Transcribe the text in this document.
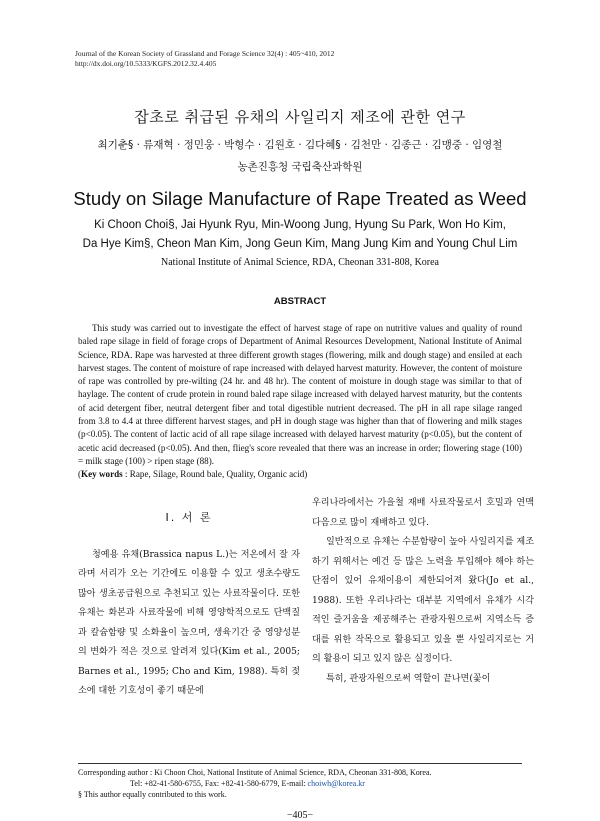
Journal of the Korean Society of Grassland and Forage Science 32(4) : 405~410, 2012
http://dx.doi.org/10.5333/KGFS.2012.32.4.405
잡초로 취급된 유채의 사일리지 제조에 관한 연구
최기춘§ · 류재혁 · 정민웅 · 박형수 · 김원호 · 김다혜§ · 김천만 · 김종근 · 김맹중 · 임영철
농촌진흥청 국립축산과학원
Study on Silage Manufacture of Rape Treated as Weed
Ki Choon Choi§, Jai Hyunk Ryu, Min-Woong Jung, Hyung Su Park, Won Ho Kim,
Da Hye Kim§, Cheon Man Kim, Jong Geun Kim, Mang Jung Kim and Young Chul Lim
National Institute of Animal Science, RDA, Cheonan 331-808, Korea
ABSTRACT

This study was carried out to investigate the effect of harvest stage of rape on nutritive values and quality of round baled rape silage in field of forage crops of Department of Animal Resources Development, National Institute of Animal Science, RDA. Rape was harvested at three different growth stages (flowering, milk and dough stage) and ensiled at each harvest stages. The content of moisture of rape increased with delayed harvest maturity. However, the content of moisture of rape was controlled by pre-wilting (24 hr. and 48 hr). The content of moisture in dough stage was similar to that of haylage. The content of crude protein in round baled rape silage increased with delayed harvest maturity, but the contents of acid detergent fiber, neutral detergent fiber and total digestible nutrient decreased. The pH in all rape silage ranged from 3.8 to 4.4 at three different harvest stages, and pH in dough stage was higher than that of flowering and milk stages (p<0.05). The content of lactic acid of all rape silage increased with delayed harvest maturity (p<0.05), but the content of acetic acid decreased (p<0.05). And then, flieg's score revealed that there was an increase in order; flowering stage (100) = milk stage (100) > ripen stage (88).

(Key words : Rape, Silage, Round bale, Quality, Organic acid)

Ⅰ. 서 론

청예용 유채(Brassica napus L.)는 저온에서 잘 자라며 서리가 오는 기간에도 이용할 수 있고 생초수량도 많아 생초공급원으로 추천되고 있는 사료작물이다. 또한 유채는 화본과 사료작물에 비해 영양학적으로도 단백질과 칼슘함량 및 소화율이 높으며, 생육기간 중 영양성분의 변화가 적은 것으로 알려져 있다(Kim et al., 2005; Barnes et al., 1995; Cho and Kim, 1988). 특히 젖소에 대한 기호성이 좋기 때문에

우리나라에서는 가을철 재배 사료작물로서 호밀과 연맥 다음으로 많이 재배하고 있다.

일반적으로 유채는 수분함량이 높아 사일리지를 제조하기 위해서는 예건 등 많은 노력을 투입해야 해야 하는 단점이 있어 유채이용이 제한되어져 왔다(Jo et al., 1988). 또한 우리나라는 대부분 지역에서 유채가 시각적인 즐거움을 제공해주는 관광자원으로써 지역소득 증대를 위한 작목으로 활용되고 있을 뿐 사일리지로는 거의 활용이 되고 있지 않은 실정이다.

특히, 관광자원으로써 역할이 끝나면(꽃이

Corresponding author : Ki Choon Choi, National Institute of Animal Science, RDA, Cheonan 331-808, Korea.
Tel: +82-41-580-6755, Fax: +82-41-580-6779, E-mail: choiwh@korea.kr
§ This author equally contributed to this work.
−405−
